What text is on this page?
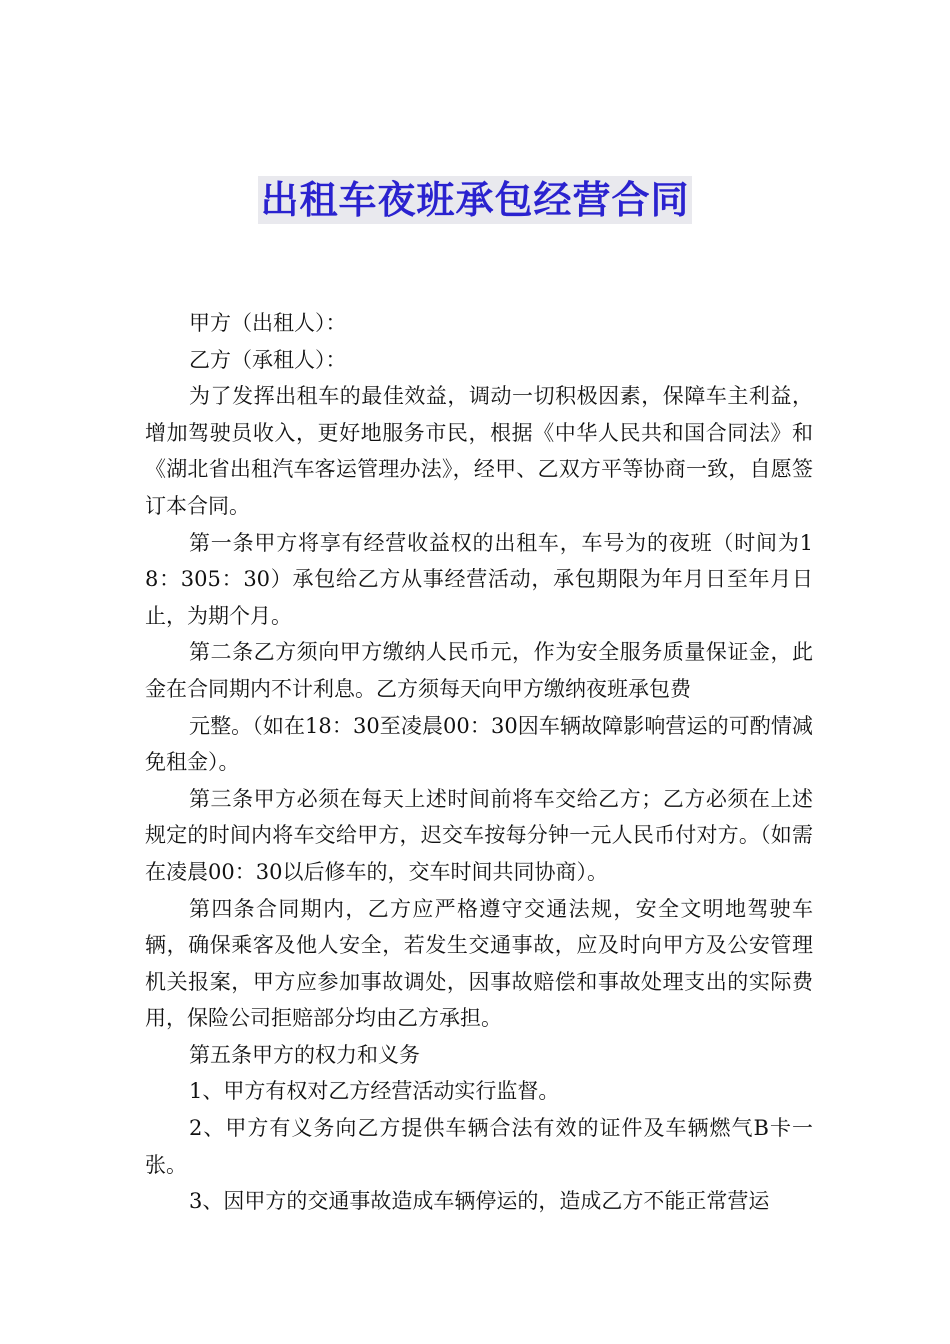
出租车夜班承包经营合同

甲方（出租人）：

乙方（承租人）：

为了发挥出租车的最佳效益，调动一切积极因素，保障车主利益，增加驾驶员收入，更好地服务市民，根据《中华人民共和国合同法》和《湖北省出租汽车客运管理办法》，经甲、乙双方平等协商一致，自愿签订本合同。

第一条甲方将享有经营收益权的出租车，车号为的夜班（时间为18：305：30）承包给乙方从事经营活动，承包期限为年月日至年月日止，为期个月。

第二条乙方须向甲方缴纳人民币元，作为安全服务质量保证金，此金在合同期内不计利息。乙方须每天向甲方缴纳夜班承包费

元整。（如在18：30至凌晨00：30因车辆故障影响营运的可酌情减免租金）。

第三条甲方必须在每天上述时间前将车交给乙方；乙方必须在上述规定的时间内将车交给甲方，迟交车按每分钟一元人民币付对方。（如需在凌晨00：30以后修车的，交车时间共同协商）。

第四条合同期内，乙方应严格遵守交通法规，安全文明地驾驶车辆，确保乘客及他人安全，若发生交通事故，应及时向甲方及公安管理机关报案，甲方应参加事故调处，因事故赔偿和事故处理支出的实际费用，保险公司拒赔部分均由乙方承担。

第五条甲方的权力和义务

1、甲方有权对乙方经营活动实行监督。

2、甲方有义务向乙方提供车辆合法有效的证件及车辆燃气B卡一张。

3、因甲方的交通事故造成车辆停运的，造成乙方不能正常营运
